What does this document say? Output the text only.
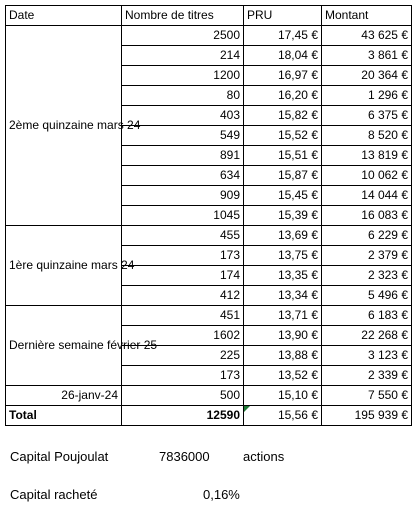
Date	Nombre de titres	PRU	Montant
2ème quinzaine mars 24	2500	17,45 €	43 625 €
	214	18,04 €	3 861 €
	1200	16,97 €	20 364 €
	80	16,20 €	1 296 €
	403	15,82 €	6 375 €
	549	15,52 €	8 520 €
	891	15,51 €	13 819 €
	634	15,87 €	10 062 €
	909	15,45 €	14 044 €
	1045	15,39 €	16 083 €
1ère quinzaine mars 24	455	13,69 €	6 229 €
	173	13,75 €	2 379 €
	174	13,35 €	2 323 €
	412	13,34 €	5 496 €
Dernière semaine février 25	451	13,71 €	6 183 €
	1602	13,90 €	22 268 €
	225	13,88 €	3 123 €
	173	13,52 €	2 339 €
26-janv-24	500	15,10 €	7 550 €
Total	12590	15,56 €	195 939 €
Capital Poujoulat	7836000	actions
Capital racheté	0,16%
